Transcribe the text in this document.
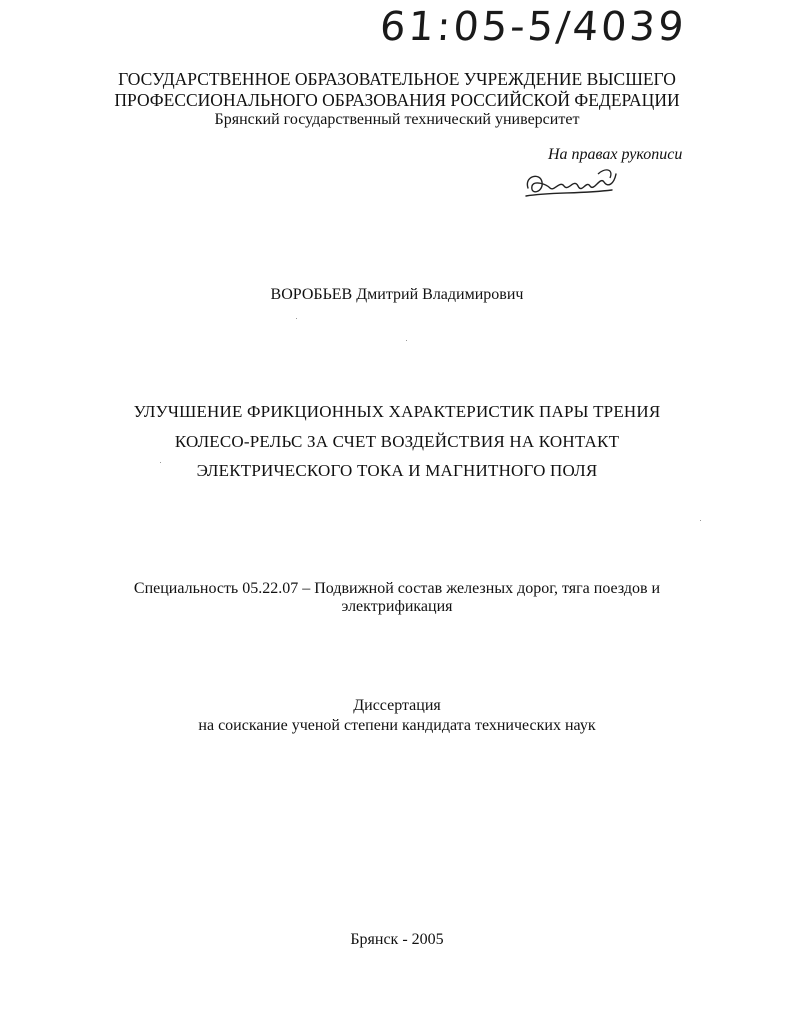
61:05-5/4039
ГОСУДАРСТВЕННОЕ ОБРАЗОВАТЕЛЬНОЕ УЧРЕЖДЕНИЕ ВЫСШЕГО
ПРОФЕССИОНАЛЬНОГО ОБРАЗОВАНИЯ РОССИЙСКОЙ ФЕДЕРАЦИИ
Брянский государственный технический университет
На правах рукописи
ВОРОБЬЕВ Дмитрий Владимирович
УЛУЧШЕНИЕ ФРИКЦИОННЫХ ХАРАКТЕРИСТИК ПАРЫ ТРЕНИЯ
КОЛЕСО-РЕЛЬС ЗА СЧЕТ ВОЗДЕЙСТВИЯ НА КОНТАКТ
ЭЛЕКТРИЧЕСКОГО ТОКА И МАГНИТНОГО ПОЛЯ
Специальность 05.22.07 – Подвижной состав железных дорог, тяга поездов и
электрификация
Диссертация
на соискание ученой степени кандидата технических наук
Брянск - 2005
